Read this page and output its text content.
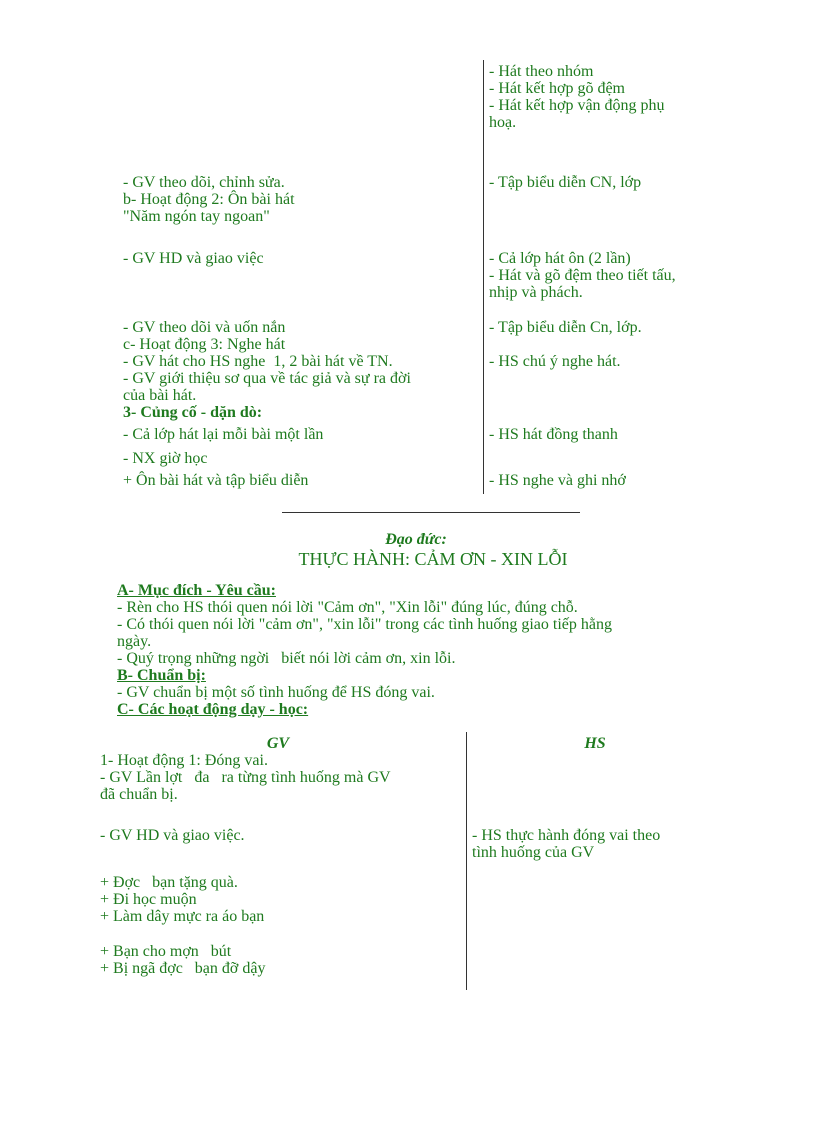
- Hát theo nhóm

- Hát kết hợp gõ đệm

- Hát kết hợp vận động phụ

hoạ.

- Tập biểu diễn CN, lớp

- Cả lớp hát ôn (2 lần)

- Hát và gõ đệm theo tiết tấu,

nhịp và phách.

- Tập biểu diễn Cn, lớp.

- HS chú ý nghe hát.

- HS hát đồng thanh

- HS nghe và ghi nhớ

- GV theo dõi, chỉnh sửa.

b- Hoạt động 2: Ôn bài hát

"Năm ngón tay ngoan"

- GV HD và giao việc

- GV theo dõi và uốn nắn

c- Hoạt động 3: Nghe hát

- GV hát cho HS nghe  1, 2 bài hát về TN.

- GV giới thiệu sơ qua về tác giả và sự ra đời

của bài hát.

3- Củng cố - dặn dò:

- Cả lớp hát lại mỗi bài một lần

- NX giờ học

+ Ôn bài hát và tập biểu diễn

Đạo đức:

THỰC HÀNH: CẢM ƠN - XIN LỖI

A- Mục đích - Yêu cầu:

- Rèn cho HS thói quen nói lời "Cảm ơn", "Xin lỗi" đúng lúc, đúng chỗ.

- Có thói quen nói lời "cảm ơn", "xin lỗi" trong các tình huống giao tiếp hằng

ngày.

- Quý trọng những ngời   biết nói lời cảm ơn, xin lỗi.

B- Chuẩn bị:

- GV chuẩn bị một số tình huống để HS đóng vai.

C- Các hoạt động dạy - học:

GV	HS

1- Hoạt động 1: Đóng vai.

- GV Lần lợt   đa   ra từng tình huống mà GV

đã chuẩn bị.

- GV HD và giao việc.

+ Đợc   bạn tặng quà.

+ Đi học muộn

+ Làm dây mực ra áo bạn

+ Bạn cho mợn   bút

+ Bị ngã đợc   bạn đỡ dậy

- HS thực hành đóng vai theo

tình huống của GV
